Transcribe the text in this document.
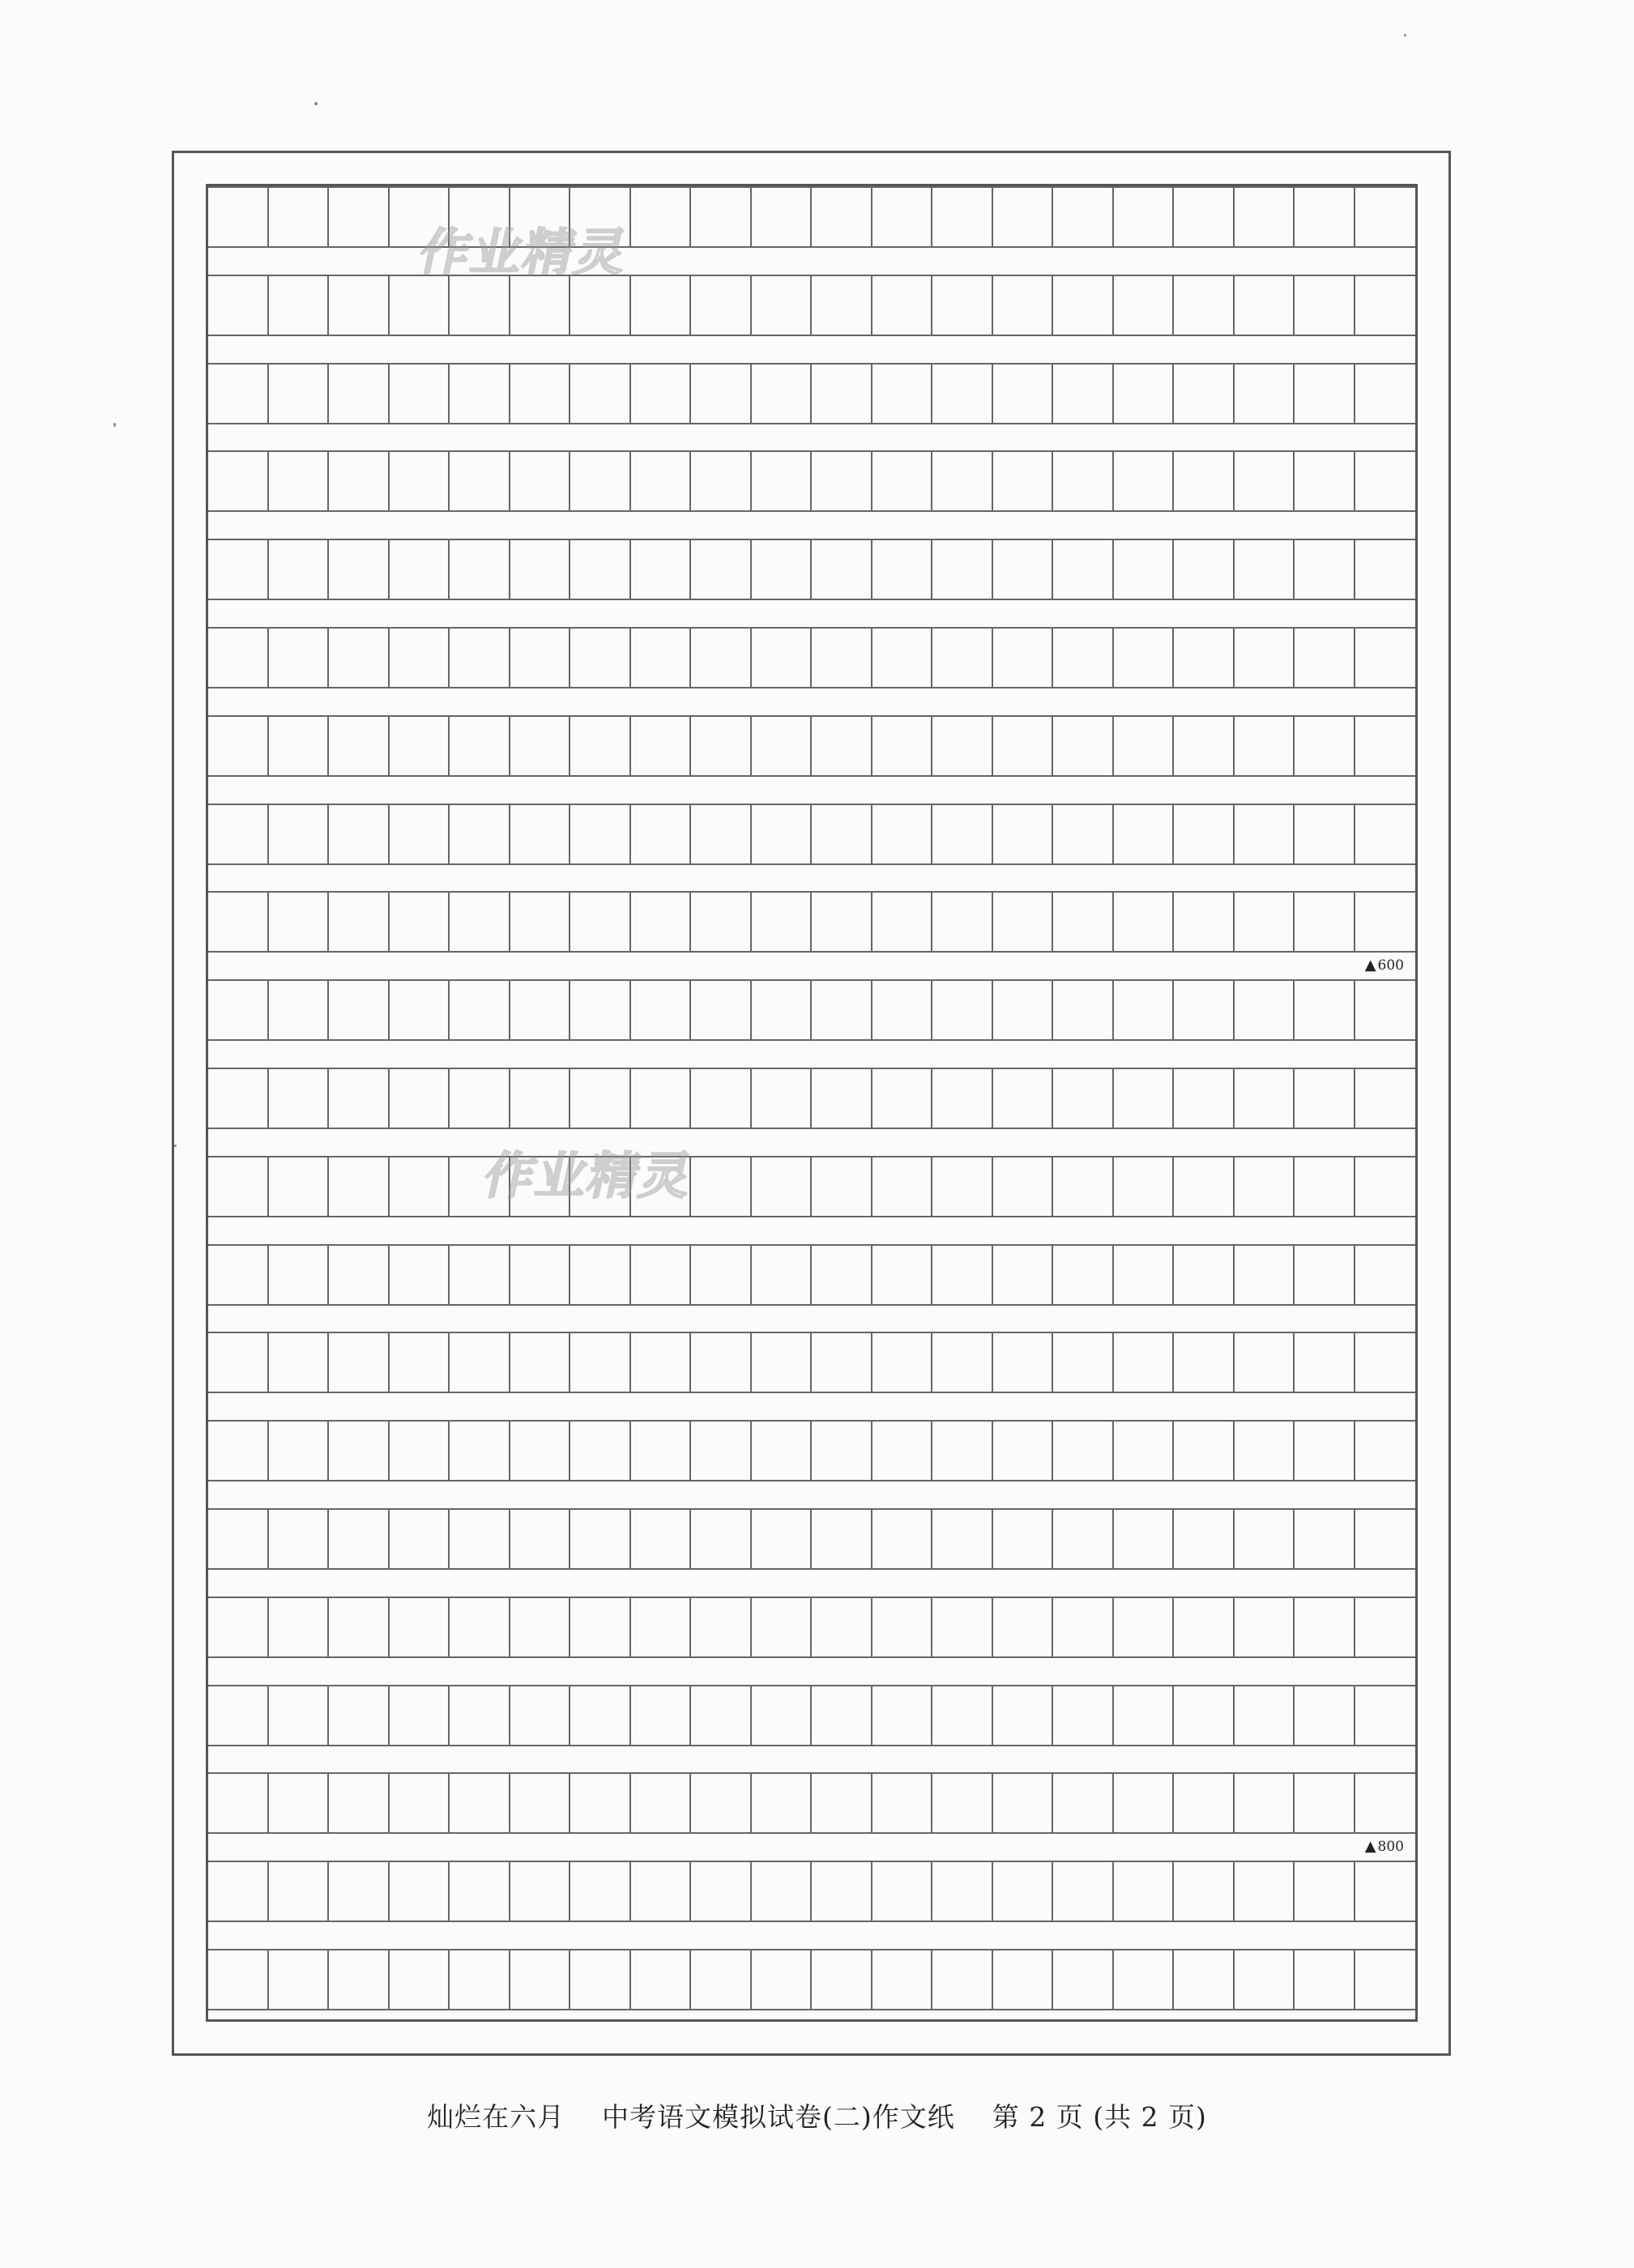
▲ 600
▲ 800
作业精灵
作业精灵
灿烂在六月    中考语文模拟试卷(二)作文纸    第 2 页 (共 2 页)
